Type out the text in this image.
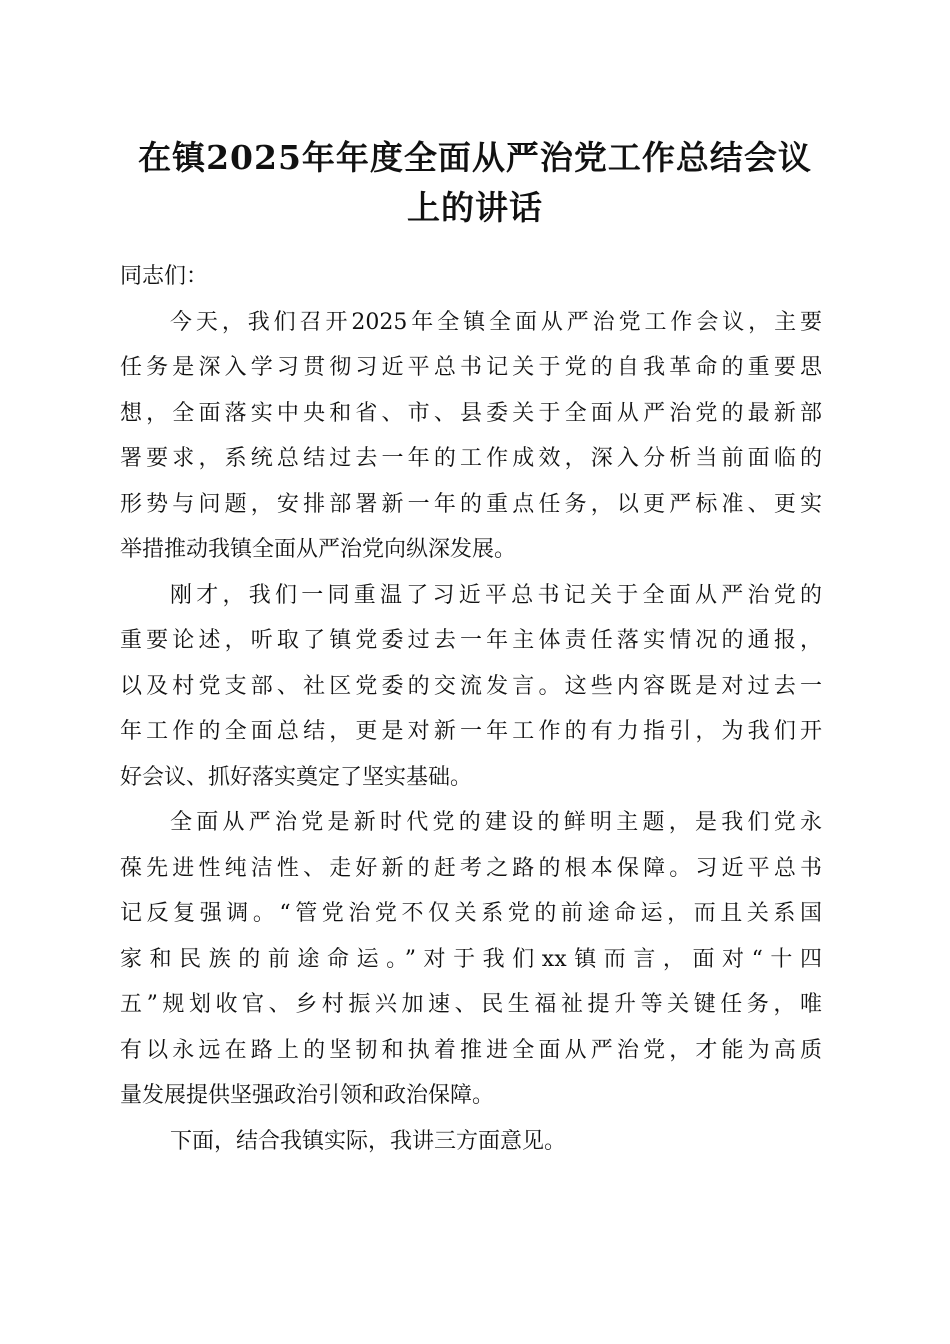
在镇2025年年度全面从严治党工作总结会议
上的讲话
同志们：
今天，我们召开2025年全镇全面从严治党工作会议，主要
任务是深入学习贯彻习近平总书记关于党的自我革命的重要思
想，全面落实中央和省、市、县委关于全面从严治党的最新部
署要求，系统总结过去一年的工作成效，深入分析当前面临的
形势与问题，安排部署新一年的重点任务，以更严标准、更实
举措推动我镇全面从严治党向纵深发展。
刚才，我们一同重温了习近平总书记关于全面从严治党的
重要论述，听取了镇党委过去一年主体责任落实情况的通报，
以及村党支部、社区党委的交流发言。这些内容既是对过去一
年工作的全面总结，更是对新一年工作的有力指引，为我们开
好会议、抓好落实奠定了坚实基础。
全面从严治党是新时代党的建设的鲜明主题，是我们党永
葆先进性纯洁性、走好新的赶考之路的根本保障。习近平总书
记反复强调。“管党治党不仅关系党的前途命运，而且关系国
家和民族的前途命运。”对于我们xx镇而言，面对“十四
五”规划收官、乡村振兴加速、民生福祉提升等关键任务，唯
有以永远在路上的坚韧和执着推进全面从严治党，才能为高质
量发展提供坚强政治引领和政治保障。
下面，结合我镇实际，我讲三方面意见。
